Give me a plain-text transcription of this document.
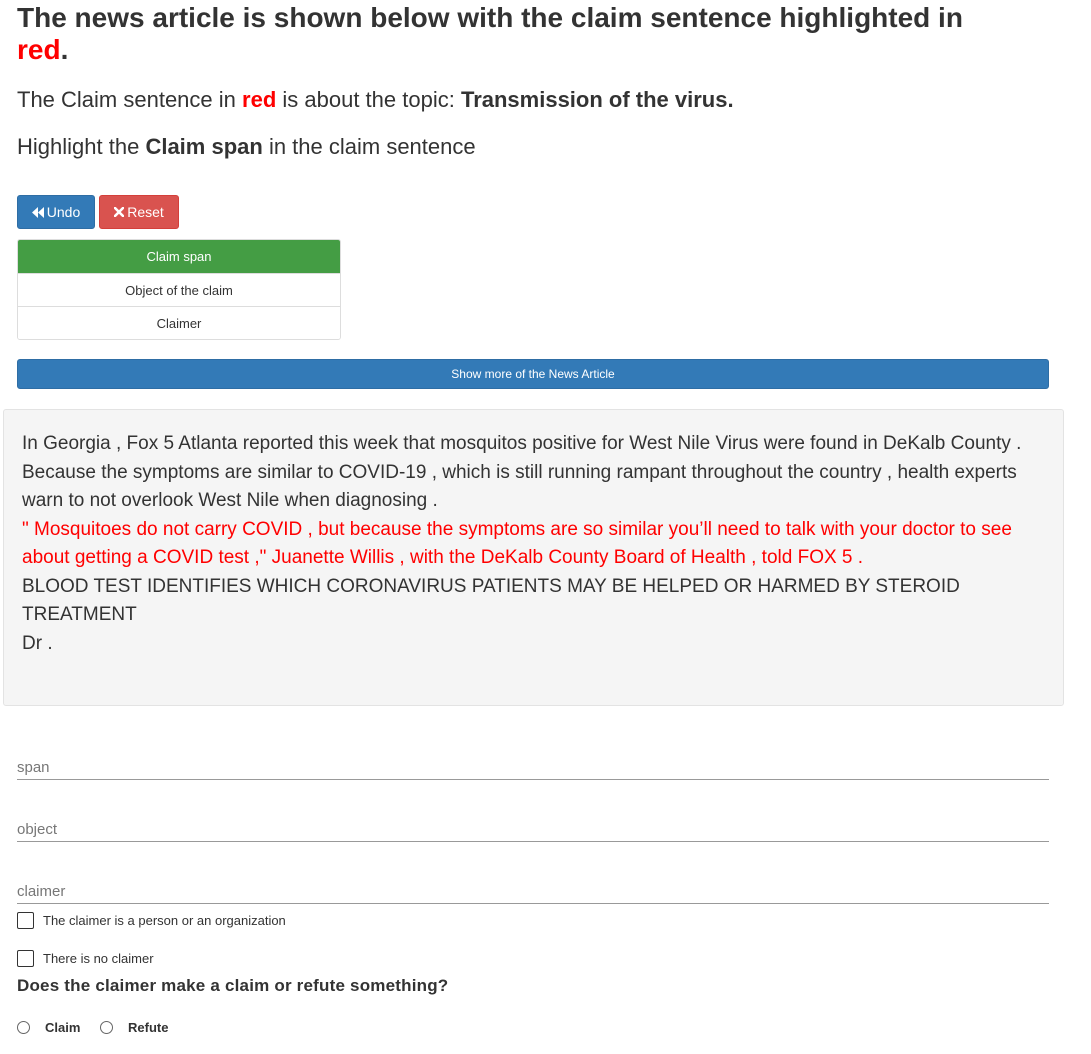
The news article is shown below with the claim sentence highlighted in
red.
The Claim sentence in red is about the topic: Transmission of the virus.
Highlight the Claim span in the claim sentence
Undo	Reset
Claim span
Object of the claim
Claimer
Show more of the News Article

In Georgia , Fox 5 Atlanta reported this week that mosquitos positive for West Nile Virus were found in DeKalb County .

Because the symptoms are similar to COVID-19 , which is still running rampant throughout the country , health experts warn to not overlook West Nile when diagnosing .

" Mosquitoes do not carry COVID , but because the symptoms are so similar you’ll need to talk with your doctor to see about getting a COVID test ," Juanette Willis , with the DeKalb County Board of Health , told FOX 5 .

BLOOD TEST IDENTIFIES WHICH CORONAVIRUS PATIENTS MAY BE HELPED OR HARMED BY STEROID TREATMENT

Dr .

span
object
claimer
The claimer is a person or an organization
There is no claimer
Does the claimer make a claim or refute something?
Claim	Refute
